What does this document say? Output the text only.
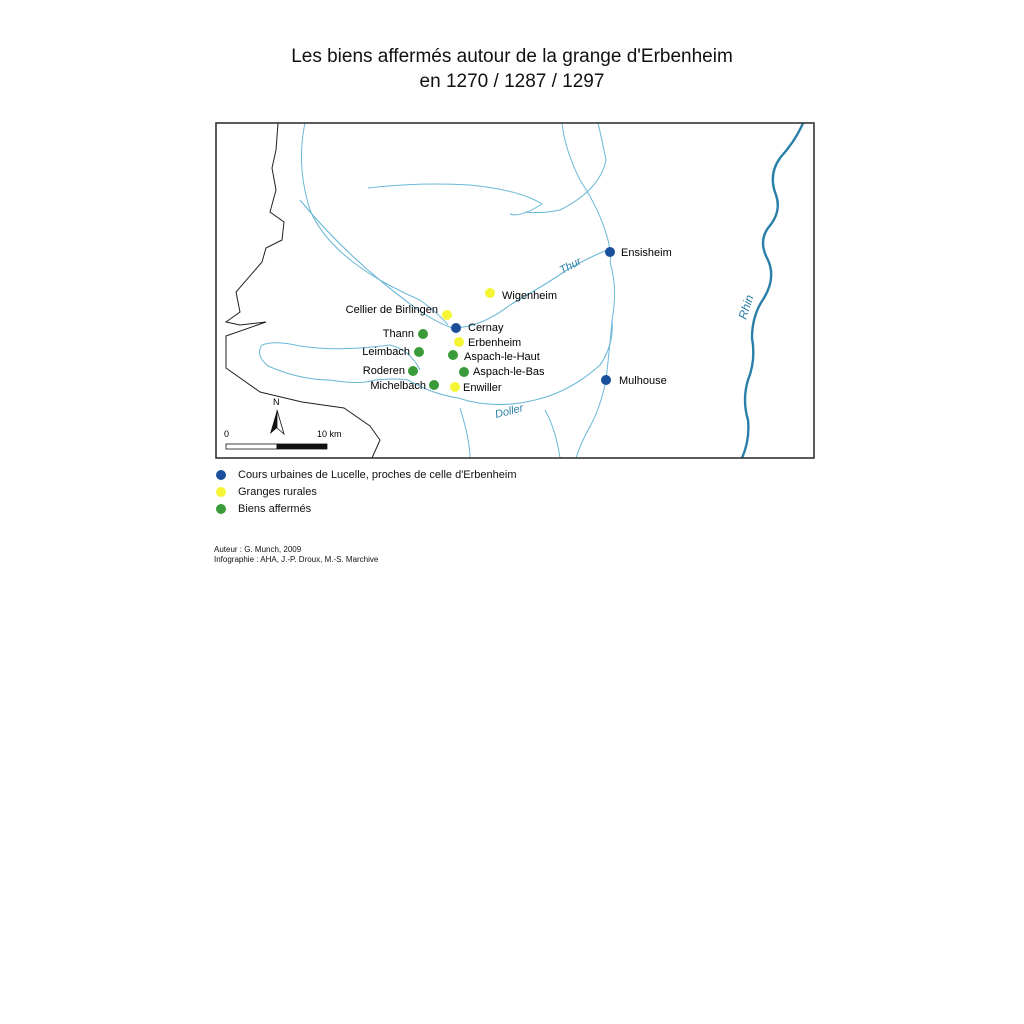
Les biens affermés autour de la grange d'Erbenheim
en 1270 / 1287 / 1297
Thur
Doller
Rhin
Ensisheim
Wigenheim
Cellier de Birlingen
Cernay
Thann
Erbenheim
Leimbach	Aspach-le-Haut
Roderen	Aspach-le-Bas
Michelbach	Enwiller
Mulhouse
N
0	10 km
Cours urbaines de Lucelle, proches de celle d'Erbenheim
Granges rurales
Biens affermés
Auteur : G. Munch, 2009
Infographie : AHA, J.-P. Droux, M.-S. Marchive
